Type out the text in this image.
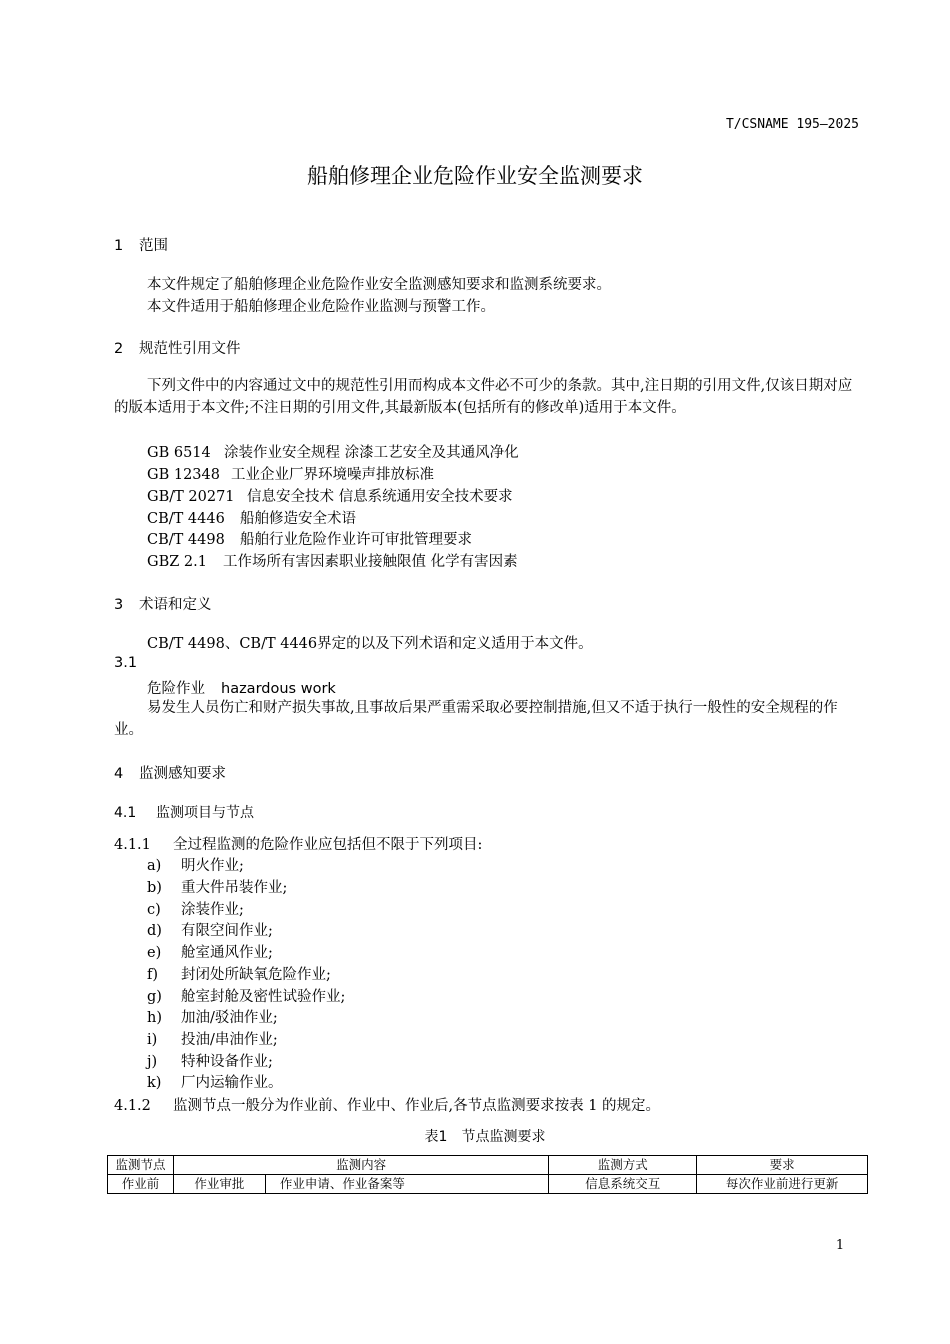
T/CSNAME 195—2025
船舶修理企业危险作业安全监测要求
1 范围
本文件规定了船舶修理企业危险作业安全监测感知要求和监测系统要求。
本文件适用于船舶修理企业危险作业监测与预警工作。
2 规范性引用文件
下列文件中的内容通过文中的规范性引用而构成本文件必不可少的条款。其中,注日期的引用文件,仅该日期对应的版本适用于本文件;不注日期的引用文件,其最新版本(包括所有的修改单)适用于本文件。
GB 6514 涂装作业安全规程 涂漆工艺安全及其通风净化
GB 12348 工业企业厂界环境噪声排放标准
GB/T 20271 信息安全技术 信息系统通用安全技术要求
CB/T 4446 船舶修造安全术语
CB/T 4498 船舶行业危险作业许可审批管理要求
GBZ 2.1 工作场所有害因素职业接触限值 化学有害因素
3 术语和定义
CB/T 4498、CB/T 4446界定的以及下列术语和定义适用于本文件。
3.1
危险作业 hazardous work
易发生人员伤亡和财产损失事故,且事故后果严重需采取必要控制措施,但又不适于执行一般性的安全规程的作业。
4 监测感知要求
4.1 监测项目与节点
4.1.1 全过程监测的危险作业应包括但不限于下列项目:
a) 明火作业;
b) 重大件吊装作业;
c) 涂装作业;
d) 有限空间作业;
e) 舱室通风作业;
f) 封闭处所缺氧危险作业;
g) 舱室封舱及密性试验作业;
h) 加油/驳油作业;
i) 投油/串油作业;
j) 特种设备作业;
k) 厂内运输作业。
4.1.2 监测节点一般分为作业前、作业中、作业后,各节点监测要求按表 1 的规定。
表1　节点监测要求
监测节点	监测内容		监测方式	要求
作业前	作业审批	作业申请、作业备案等	信息系统交互	每次作业前进行更新
1
